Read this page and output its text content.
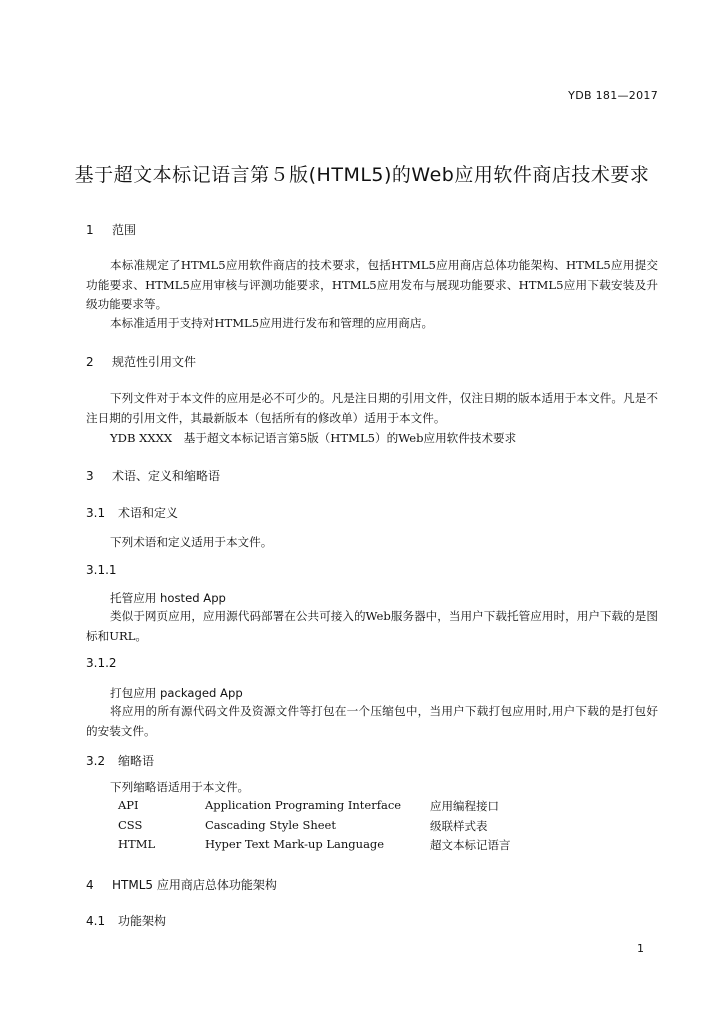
YDB 181—2017
基于超文本标记语言第５版(HTML5)的Web应用软件商店技术要求
1 范围
本标准规定了HTML5应用软件商店的技术要求，包括HTML5应用商店总体功能架构、HTML5应用提交功能要求、HTML5应用审核与评测功能要求，HTML5应用发布与展现功能要求、HTML5应用下载安装及升级功能要求等。
本标准适用于支持对HTML5应用进行发布和管理的应用商店。
2 规范性引用文件
下列文件对于本文件的应用是必不可少的。凡是注日期的引用文件，仅注日期的版本适用于本文件。凡是不注日期的引用文件，其最新版本（包括所有的修改单）适用于本文件。
YDB XXXX　基于超文本标记语言第5版（HTML5）的Web应用软件技术要求
3 术语、定义和缩略语
3.1 术语和定义
下列术语和定义适用于本文件。
3.1.1
托管应用 hosted App
类似于网页应用，应用源代码部署在公共可接入的Web服务器中，当用户下载托管应用时，用户下载的是图标和URL。
3.1.2
打包应用 packaged App
将应用的所有源代码文件及资源文件等打包在一个压缩包中，当用户下载打包应用时,用户下载的是打包好的安装文件。
3.2 缩略语
下列缩略语适用于本文件。
API	Application Programing Interface	应用编程接口
CSS	Cascading Style Sheet	级联样式表
HTML	Hyper Text Mark-up Language	超文本标记语言
4 HTML5 应用商店总体功能架构
4.1 功能架构
1
